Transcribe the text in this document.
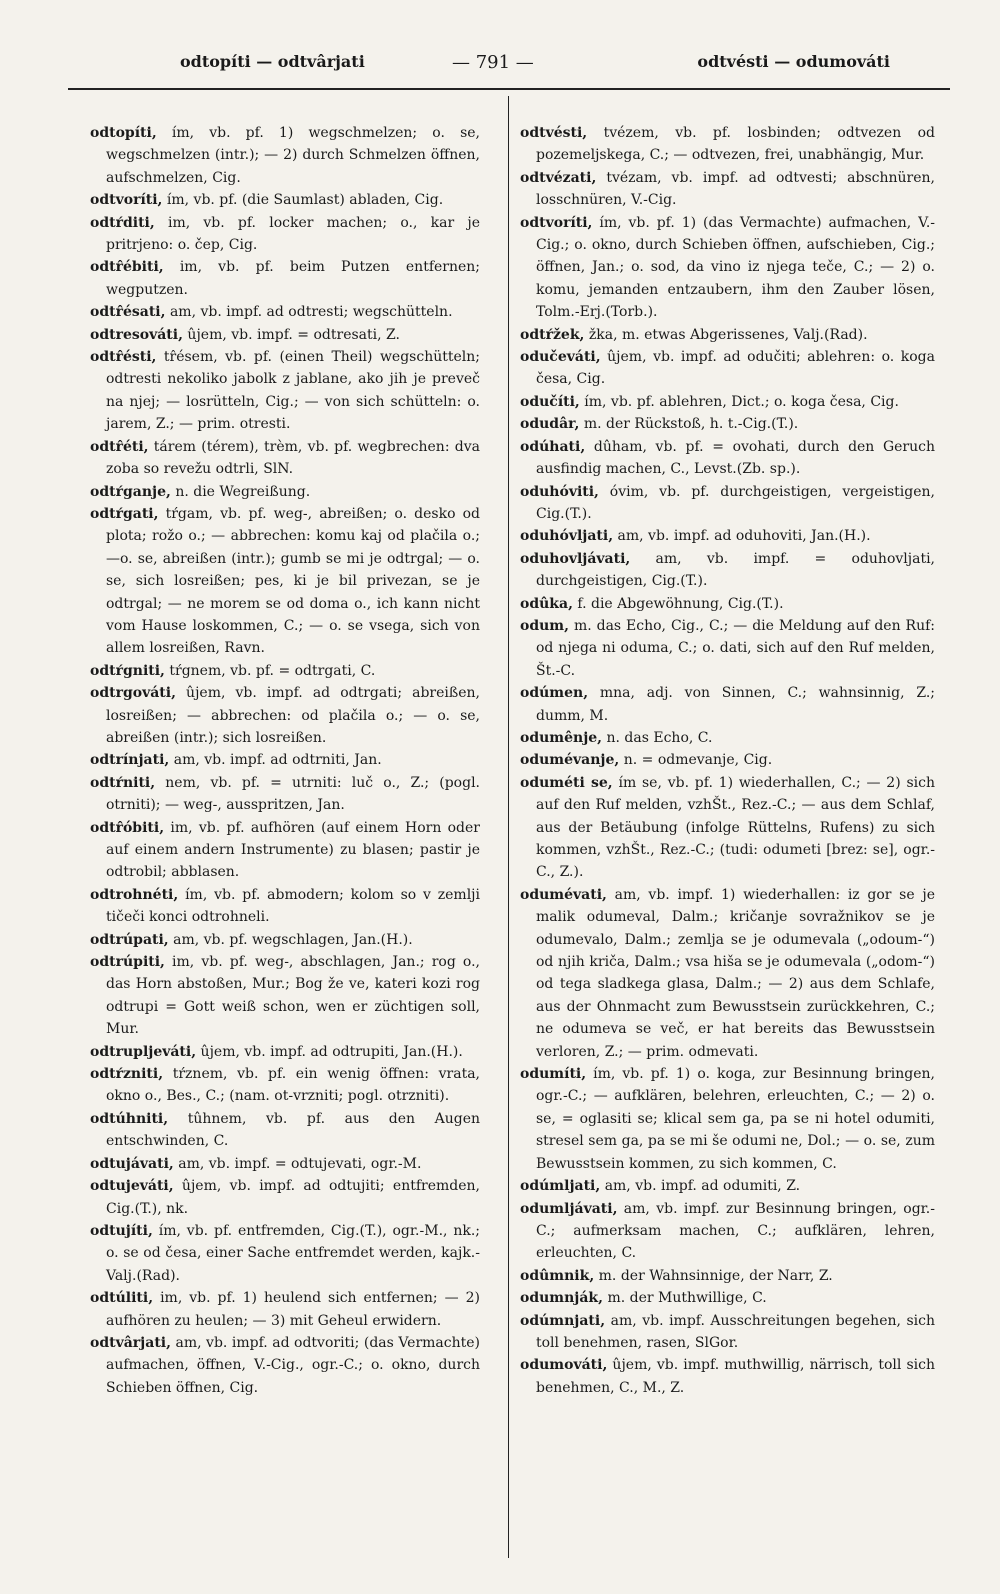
odtopíti — odtvârjati	— 791 —	odtvésti — odumováti

odtopíti, ím, vb. pf. 1) wegschmelzen; o. se, wegschmelzen (intr.); — 2) durch Schmelzen öffnen, aufschmelzen, Cig.

odtvoríti, ím, vb. pf. (die Saumlast) abladen, Cig.

odtŕditi, im, vb. pf. locker machen; o., kar je pritrjeno: o. čep, Cig.

odtr̂ébiti, im, vb. pf. beim Putzen entfernen; wegputzen.

odtr̂ésati, am, vb. impf. ad odtresti; wegschütteln.

odtresováti, ûjem, vb. impf. = odtresati, Z.

odtr̂ésti, tr̂ésem, vb. pf. (einen Theil) wegschütteln; odtresti nekoliko jabolk z jablane, ako jih je preveč na njej; — losrütteln, Cig.; — von sich schütteln: o. jarem, Z.; — prim. otresti.

odtr̂éti, tárem (térem), trèm, vb. pf. wegbrechen: dva zoba so revežu odtrli, SlN.

odtŕganje, n. die Wegreißung.

odtŕgati, tŕgam, vb. pf. weg-, abreißen; o. desko od plota; rožo o.; — abbrechen: komu kaj od plačila o.; —o. se, abreißen (intr.); gumb se mi je odtrgal; — o. se, sich losreißen; pes, ki je bil privezan, se je odtrgal; — ne morem se od doma o., ich kann nicht vom Hause loskommen, C.; — o. se vsega, sich von allem losreißen, Ravn.

odtŕgniti, tŕgnem, vb. pf. = odtrgati, C.

odtrgováti, ûjem, vb. impf. ad odtrgati; abreißen, losreißen; — abbrechen: od plačila o.; — o. se, abreißen (intr.); sich losreißen.

odtrínjati, am, vb. impf. ad odtrniti, Jan.

odtŕniti, nem, vb. pf. = utrniti: luč o., Z.; (pogl. otrniti); — weg-, ausspritzen, Jan.

odtr̂óbiti, im, vb. pf. aufhören (auf einem Horn oder auf einem andern Instrumente) zu blasen; pastir je odtrobil; abblasen.

odtrohnéti, ím, vb. pf. abmodern; kolom so v zemlji tičeči konci odtrohneli.

odtrúpati, am, vb. pf. wegschlagen, Jan.(H.).

odtrúpiti, im, vb. pf. weg-, abschlagen, Jan.; rog o., das Horn abstoßen, Mur.; Bog že ve, kateri kozi rog odtrupi = Gott weiß schon, wen er züchtigen soll, Mur.

odtrupljeváti, ûjem, vb. impf. ad odtrupiti, Jan.(H.).

odtŕzniti, tŕznem, vb. pf. ein wenig öffnen: vrata, okno o., Bes., C.; (nam. ot-vrzniti; pogl. otrzniti).

odtúhniti, tûhnem, vb. pf. aus den Augen entschwinden, C.

odtujávati, am, vb. impf. = odtujevati, ogr.-M.

odtujeváti, ûjem, vb. impf. ad odtujiti; entfremden, Cig.(T.), nk.

odtujíti, ím, vb. pf. entfremden, Cig.(T.), ogr.-M., nk.; o. se od česa, einer Sache entfremdet werden, kajk.-Valj.(Rad).

odtúliti, im, vb. pf. 1) heulend sich entfernen; — 2) aufhören zu heulen; — 3) mit Geheul erwidern.

odtvârjati, am, vb. impf. ad odtvoriti; (das Vermachte) aufmachen, öffnen, V.-Cig., ogr.-C.; o. okno, durch Schieben öffnen, Cig.

odtvésti, tvézem, vb. pf. losbinden; odtvezen od pozemeljskega, C.; — odtvezen, frei, unabhängig, Mur.

odtvézati, tvézam, vb. impf. ad odtvesti; abschnüren, losschnüren, V.-Cig.

odtvoríti, ím, vb. pf. 1) (das Vermachte) aufmachen, V.-Cig.; o. okno, durch Schieben öffnen, aufschieben, Cig.; öffnen, Jan.; o. sod, da vino iz njega teče, C.; — 2) o. komu, jemanden entzaubern, ihm den Zauber lösen, Tolm.-Erj.(Torb.).

odtŕžek, žka, m. etwas Abgerissenes, Valj.(Rad).

odučeváti, ûjem, vb. impf. ad odučiti; ablehren: o. koga česa, Cig.

odučíti, ím, vb. pf. ablehren, Dict.; o. koga česa, Cig.

odudâr, m. der Rückstoß, h. t.-Cig.(T.).

odúhati, dûham, vb. pf. = ovohati, durch den Geruch ausfindig machen, C., Levst.(Zb. sp.).

oduhóviti, óvim, vb. pf. durchgeistigen, vergeistigen, Cig.(T.).

oduhóvljati, am, vb. impf. ad oduhoviti, Jan.(H.).

oduhovljávati, am, vb. impf. = oduhovljati, durchgeistigen, Cig.(T.).

odûka, f. die Abgewöhnung, Cig.(T.).

odum, m. das Echo, Cig., C.; — die Meldung auf den Ruf: od njega ni oduma, C.; o. dati, sich auf den Ruf melden, Št.-C.

odúmen, mna, adj. von Sinnen, C.; wahnsinnig, Z.; dumm, M.

odumênje, n. das Echo, C.

odumévanje, n. = odmevanje, Cig.

oduméti se, ím se, vb. pf. 1) wiederhallen, C.; — 2) sich auf den Ruf melden, vzhŠt., Rez.-C.; — aus dem Schlaf, aus der Betäubung (infolge Rüttelns, Rufens) zu sich kommen, vzhŠt., Rez.-C.; (tudi: odumeti [brez: se], ogr.-C., Z.).

odumévati, am, vb. impf. 1) wiederhallen: iz gor se je malik odumeval, Dalm.; kričanje sovražnikov se je odumevalo, Dalm.; zemlja se je odumevala („odoum-“) od njih kriča, Dalm.; vsa hiša se je odumevala („odom-“) od tega sladkega glasa, Dalm.; — 2) aus dem Schlafe, aus der Ohnmacht zum Bewusstsein zurückkehren, C.; ne odumeva se več, er hat bereits das Bewusstsein verloren, Z.; — prim. odmevati.

odumíti, ím, vb. pf. 1) o. koga, zur Besinnung bringen, ogr.-C.; — aufklären, belehren, erleuchten, C.; — 2) o. se, = oglasiti se; klical sem ga, pa se ni hotel odumiti, stresel sem ga, pa se mi še odumi ne, Dol.; — o. se, zum Bewusstsein kommen, zu sich kommen, C.

odúmljati, am, vb. impf. ad odumiti, Z.

odumljávati, am, vb. impf. zur Besinnung bringen, ogr.-C.; aufmerksam machen, C.; aufklären, lehren, erleuchten, C.

odûmnik, m. der Wahnsinnige, der Narr, Z.

odumnják, m. der Muthwillige, C.

odúmnjati, am, vb. impf. Ausschreitungen begehen, sich toll benehmen, rasen, SlGor.

odumováti, ûjem, vb. impf. muthwillig, närrisch, toll sich benehmen, C., M., Z.
